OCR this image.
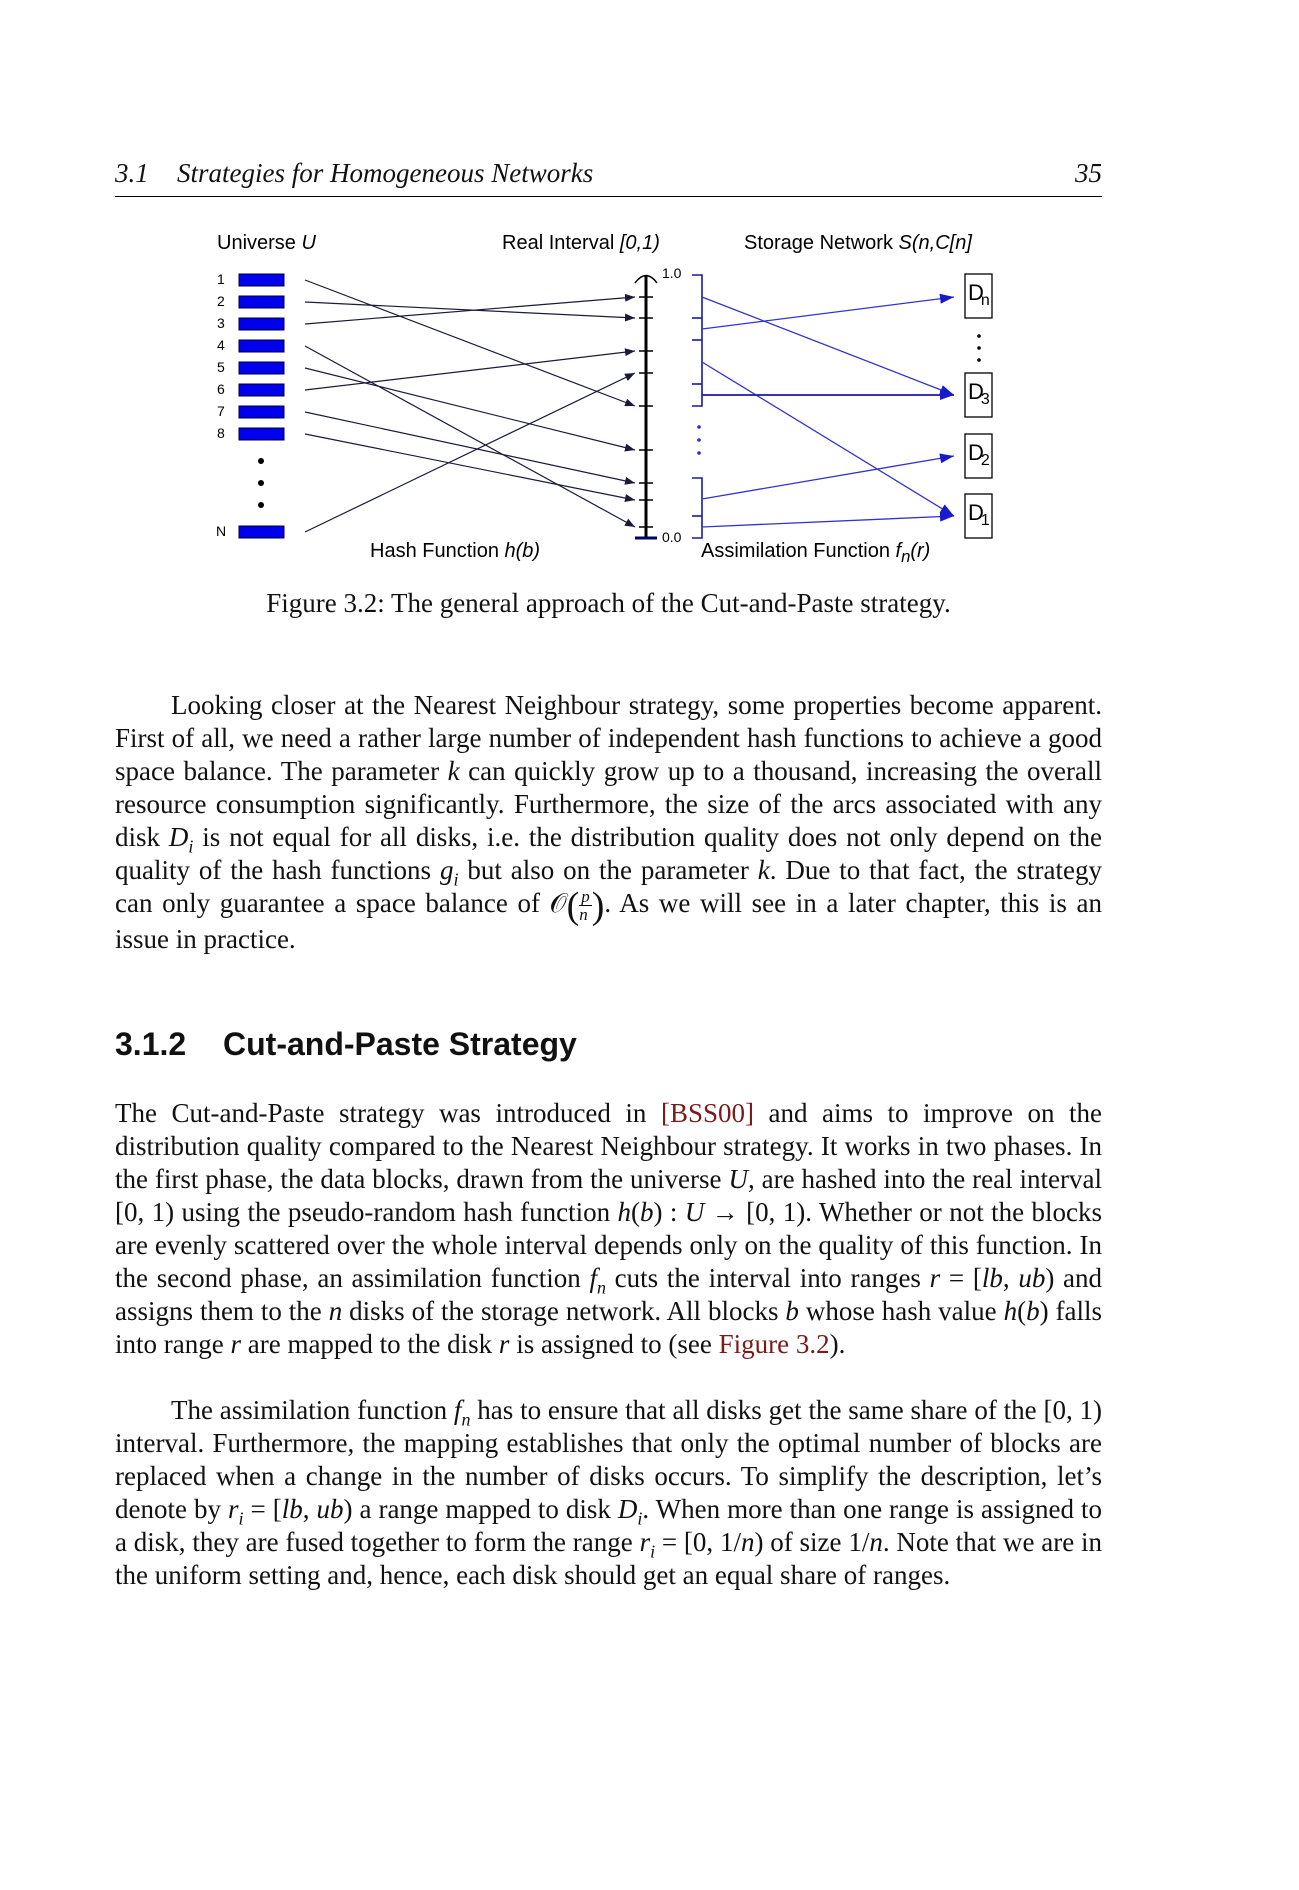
3.1 Strategies for Homogeneous Networks	35
Universe U	Real Interval [0,1)	Storage Network S(n,C[n]
1
2
3
4
5
6
7
8
N
1.0
0.0
$D_n$
$D_3$
$D_2$
$D_1$
Hash Function h(b)	Assimilation Function $f_n(r)$
Figure 3.2: The general approach of the Cut-and-Paste strategy.
Looking closer at the Nearest Neighbour strategy, some properties become apparent. First of all, we need a rather large number of independent hash functions to achieve a good space balance. The parameter k can quickly grow up to a thousand, increasing the overall resource consumption significantly. Furthermore, the size of the arcs associated with any disk $D_i$ is not equal for all disks, i.e. the distribution quality does not only depend on the quality of the hash functions $g_i$ but also on the parameter k. Due to that fact, the strategy can only guarantee a space balance of 𝒪( $\frac{p}{n}$ ). As we will see in a later chapter, this is an issue in practice.
3.1.2 Cut-and-Paste Strategy
The Cut-and-Paste strategy was introduced in [BSS00] and aims to improve on the distribution quality compared to the Nearest Neighbour strategy. It works in two phases. In the first phase, the data blocks, drawn from the universe U, are hashed into the real interval [0, 1) using the pseudo-random hash function h(b) : U → [0, 1). Whether or not the blocks are evenly scattered over the whole interval depends only on the quality of this function. In the second phase, an assimilation function $f_n$ cuts the interval into ranges r = [lb, ub) and assigns them to the n disks of the storage network. All blocks b whose hash value h(b) falls into range r are mapped to the disk r is assigned to (see Figure 3.2).
The assimilation function $f_n$ has to ensure that all disks get the same share of the [0, 1) interval. Furthermore, the mapping establishes that only the optimal number of blocks are replaced when a change in the number of disks occurs. To simplify the description, let’s denote by $r_i = [lb$, ub) a range mapped to disk $D_i$. When more than one range is assigned to a disk, they are fused together to form the range $r_i = [0$, 1/n) of size 1/n. Note that we are in the uniform setting and, hence, each disk should get an equal share of ranges.
